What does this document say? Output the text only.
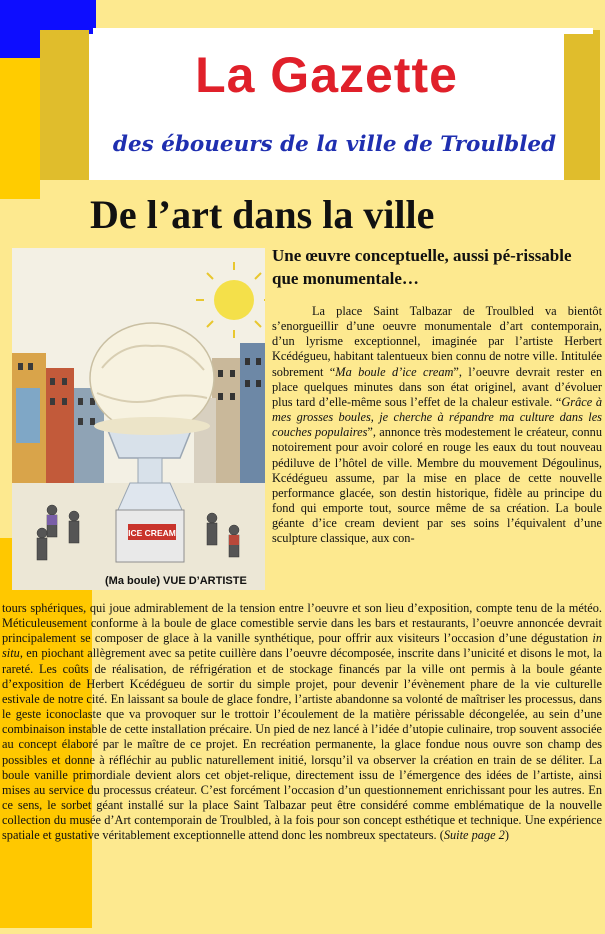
La Gazette
des éboueurs de la ville de Troulbled
De l’art dans la ville
ICE CREAM
(Ma boule) VUE D’ARTISTE
Une œuvre conceptuelle, aussi pé-rissable que monumentale…
La place Saint Talbazar de Troulbled va bientôt s’enorgueillir d’une oeuvre monumentale d’art contemporain, d’un lyrisme exceptionnel, imaginée par l’artiste Herbert Kcédégueu, habitant talentueux bien connu de notre ville. Intitulée sobrement “Ma boule d’ice cream”, l’oeuvre devrait rester en place quelques minutes dans son état originel, avant d’évoluer plus tard d’elle-même sous l’effet de la chaleur estivale. “Grâce à mes grosses boules, je cherche à répandre ma culture dans les couches populaires”, annonce très modestement le créateur, connu notoirement pour avoir coloré en rouge les eaux du tout nouveau pédiluve de l’hôtel de ville. Membre du mouvement Dégoulinus, Kcédégueu assume, par la mise en place de cette nouvelle performance glacée, son destin historique, fidèle au principe du fond qui emporte tout, source même de sa création. La boule géante d’ice cream devient par ses soins l’équivalent d’une sculpture classique, aux con-
tours sphériques, qui joue admirablement de la tension entre l’oeuvre et son lieu d’exposition, compte tenu de la météo. Méticuleusement conforme à la boule de glace comestible servie dans les bars et restaurants, l’oeuvre annoncée devrait principalement se composer de glace à la vanille synthétique, pour offrir aux visiteurs l’occasion d’une dégustation in situ, en piochant allègrement avec sa petite cuillère dans l’oeuvre décomposée, inscrite dans l’unicité et disons le mot, la rareté. Les coûts de réalisation, de réfrigération et de stockage financés par la ville ont permis à la boule géante d’exposition de Herbert Kcédégueu de sortir du simple projet, pour devenir l’évènement phare de la vie culturelle estivale de notre cité. En laissant sa boule de glace fondre, l’artiste abandonne sa volonté de maîtriser les processus, dans le geste iconoclaste que va provoquer sur le trottoir l’écoulement de la matière périssable décongelée, au sein d’une combinaison instable de cette installation précaire. Un pied de nez lancé à l’idée d’utopie culinaire, trop souvent associée au concept élaboré par le maître de ce projet. En recréation permanente, la glace fondue nous ouvre son champ des possibles et donne à réfléchir au public naturellement initié, lorsqu’il va observer la création en train de se déliter. La boule vanille primordiale devient alors cet objet-relique, directement issu de l’émergence des idées de l’artiste, ainsi mises au service du processus créateur. C’est forcément l’occasion d’un questionnement enrichissant pour les autres. En ce sens, le sorbet géant installé sur la place Saint Talbazar peut être considéré comme emblématique de la nouvelle collection du musée d’Art contemporain de Troulbled, à la fois pour son concept esthétique et technique. Une expérience spatiale et gustative véritablement exceptionnelle attend donc les nombreux spectateurs. (Suite page 2)
